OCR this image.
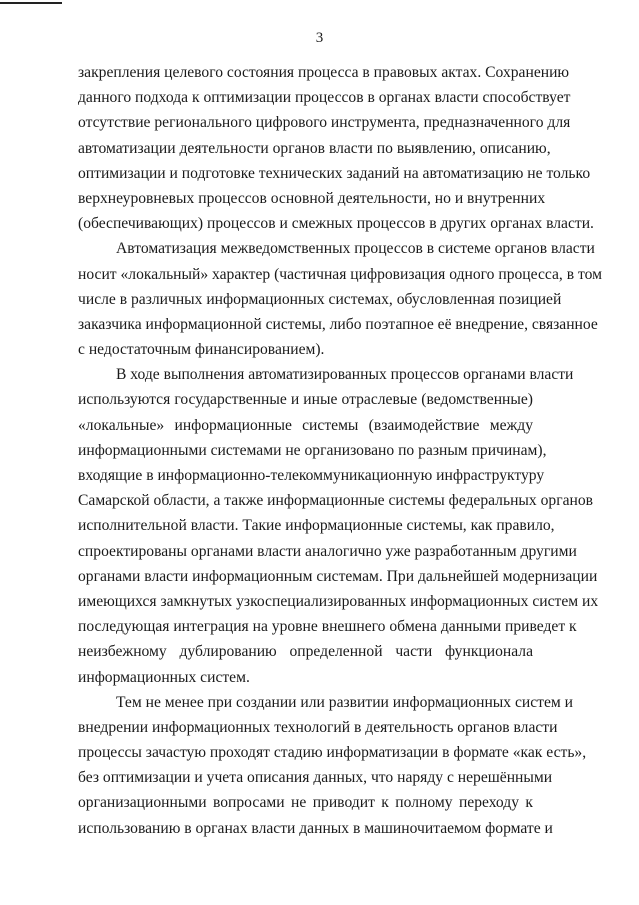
3
закрепления целевого состояния процесса в правовых актах. Сохранению
данного подхода к оптимизации процессов в органах власти способствует
отсутствие регионального цифрового инструмента, предназначенного для
автоматизации деятельности органов власти по выявлению, описанию,
оптимизации и подготовке технических заданий на автоматизацию не только
верхнеуровневых процессов основной деятельности, но и внутренних
(обеспечивающих) процессов и смежных процессов в других органах власти.
Автоматизация межведомственных процессов в системе органов власти
носит «локальный» характер (частичная цифровизация одного процесса, в том
числе в различных информационных системах, обусловленная позицией
заказчика информационной системы, либо поэтапное её внедрение, связанное
с недостаточным финансированием).
В ходе выполнения автоматизированных процессов органами власти
используются государственные и иные отраслевые (ведомственные)
«локальные» информационные системы (взаимодействие между
информационными системами не организовано по разным причинам),
входящие в информационно-телекоммуникационную инфраструктуру
Самарской области, а также информационные системы федеральных органов
исполнительной власти. Такие информационные системы, как правило,
спроектированы органами власти аналогично уже разработанным другими
органами власти информационным системам. При дальнейшей модернизации
имеющихся замкнутых узкоспециализированных информационных систем их
последующая интеграция на уровне внешнего обмена данными приведет к
неизбежному дублированию определенной части функционала
информационных систем.
Тем не менее при создании или развитии информационных систем и
внедрении информационных технологий в деятельность органов власти
процессы зачастую проходят стадию информатизации в формате «как есть»,
без оптимизации и учета описания данных, что наряду с нерешёнными
организационными вопросами не приводит к полному переходу к
использованию в органах власти данных в машиночитаемом формате и
